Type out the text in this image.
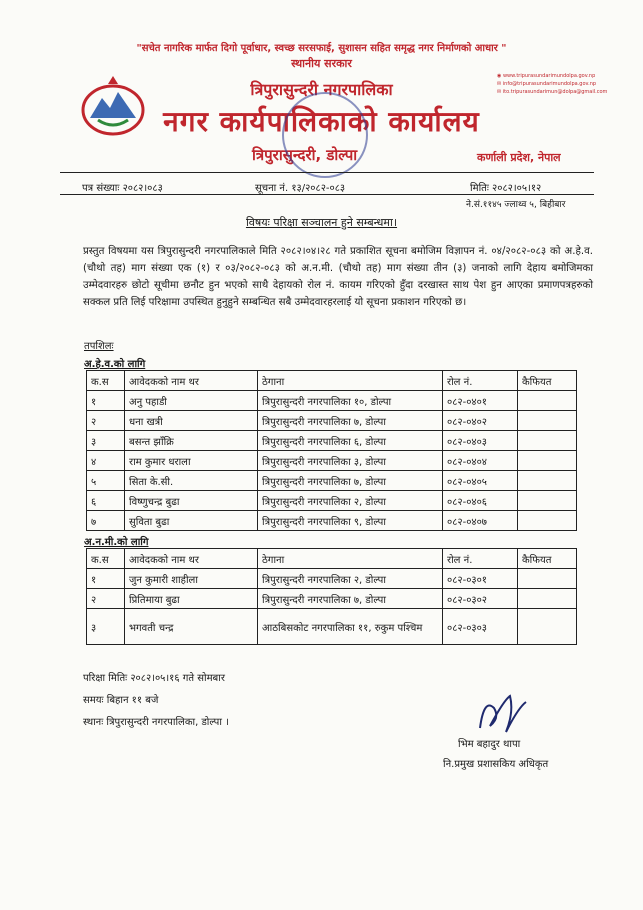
"सचेत नागरिक मार्फत दिगो पूर्वाधार, स्वच्छ सरसफाई, सुशासन सहित समृद्ध नगर निर्माणको आधार "
स्थानीय सरकार
त्रिपुरासुन्दरी नगरपालिका
नगर कार्यपालिकाको कार्यालय
त्रिपुरासुन्दरी, डोल्पा	कर्णाली प्रदेश, नेपाल
◉ www.tripurasundarimundolpa.gov.np
✉ info@tripurasundarimundolpa.gov.np
✉ ito.tripurasundarimun@dolpa@gmail.com
पत्र संख्याः २०८२।०८३	सूचना नं. १३/२०८२-०८३	मितिः २०८२।०५।१२
ने.सं.११४५ ज्लाथ्व ५, बिहीबार
विषयः परिक्षा सञ्चालन हुने सम्बन्धमा।
प्रस्तुत विषयमा यस त्रिपुरासुन्दरी नगरपालिकाले मिति २०८२।०४।२८ गते प्रकाशित सूचना बमोजिम विज्ञापन नं. ०४/२०८२-०८३ को अ.हे.व. (चौथो तह) माग संख्या एक (१) र ०३/२०८२-०८३ को अ.न.मी. (चौथो तह) माग संख्या तीन (३) जनाको लागि देहाय बमोजिमका उम्मेदवारहरु छोटो सूचीमा छनौट हुन भएको साथै देहायको रोल नं. कायम गरिएको हुँदा दरखास्त साथ पेश हुन आएका प्रमाणपत्रहरुको सक्कल प्रति लिई परिक्षामा उपस्थित हुनुहुने सम्बन्धित सबै उम्मेदवारहरलाई यो सूचना प्रकाशन गरिएको छ।
तपशिलः
अ.हे.व.को लागि
क.स	आवेदकको नाम थर	ठेगाना	रोल नं.	कैफियत
१	अनु पहाडी	त्रिपुरासुन्दरी नगरपालिका १०, डोल्पा	०८२-०४०१	
२	धना खत्री	त्रिपुरासुन्दरी नगरपालिका ७, डोल्पा	०८२-०४०२	
३	बसन्त झाँक्रि	त्रिपुरासुन्दरी नगरपालिका ६, डोल्पा	०८२-०४०३	
४	राम कुमार धराला	त्रिपुरासुन्दरी नगरपालिका ३, डोल्पा	०८२-०४०४	
५	सिता के.सी.	त्रिपुरासुन्दरी नगरपालिका ७, डोल्पा	०८२-०४०५	
६	विष्णुचन्द्र बुढा	त्रिपुरासुन्दरी नगरपालिका २, डोल्पा	०८२-०४०६	
७	सुविता बुढा	त्रिपुरासुन्दरी नगरपालिका ९, डोल्पा	०८२-०४०७	
अ.न.मी.को लागि
क.स	आवेदकको नाम थर	ठेगाना	रोल नं.	कैफियत
१	जुन कुमारी शाहीला	त्रिपुरासुन्दरी नगरपालिका २, डोल्पा	०८२-०३०१	
२	प्रितिमाया बुढा	त्रिपुरासुन्दरी नगरपालिका ७, डोल्पा	०८२-०३०२	
३	भगवती चन्द्र	आठबिसकोट नगरपालिका ११, रुकुम पश्चिम	०८२-०३०३	
परिक्षा मितिः २०८२।०५।१६ गते सोमबार
समयः बिहान ११ बजे
स्थानः त्रिपुरासुन्दरी नगरपालिका, डोल्पा ।
भिम बहादुर थापा
नि.प्रमुख प्रशासकिय अधिकृत
